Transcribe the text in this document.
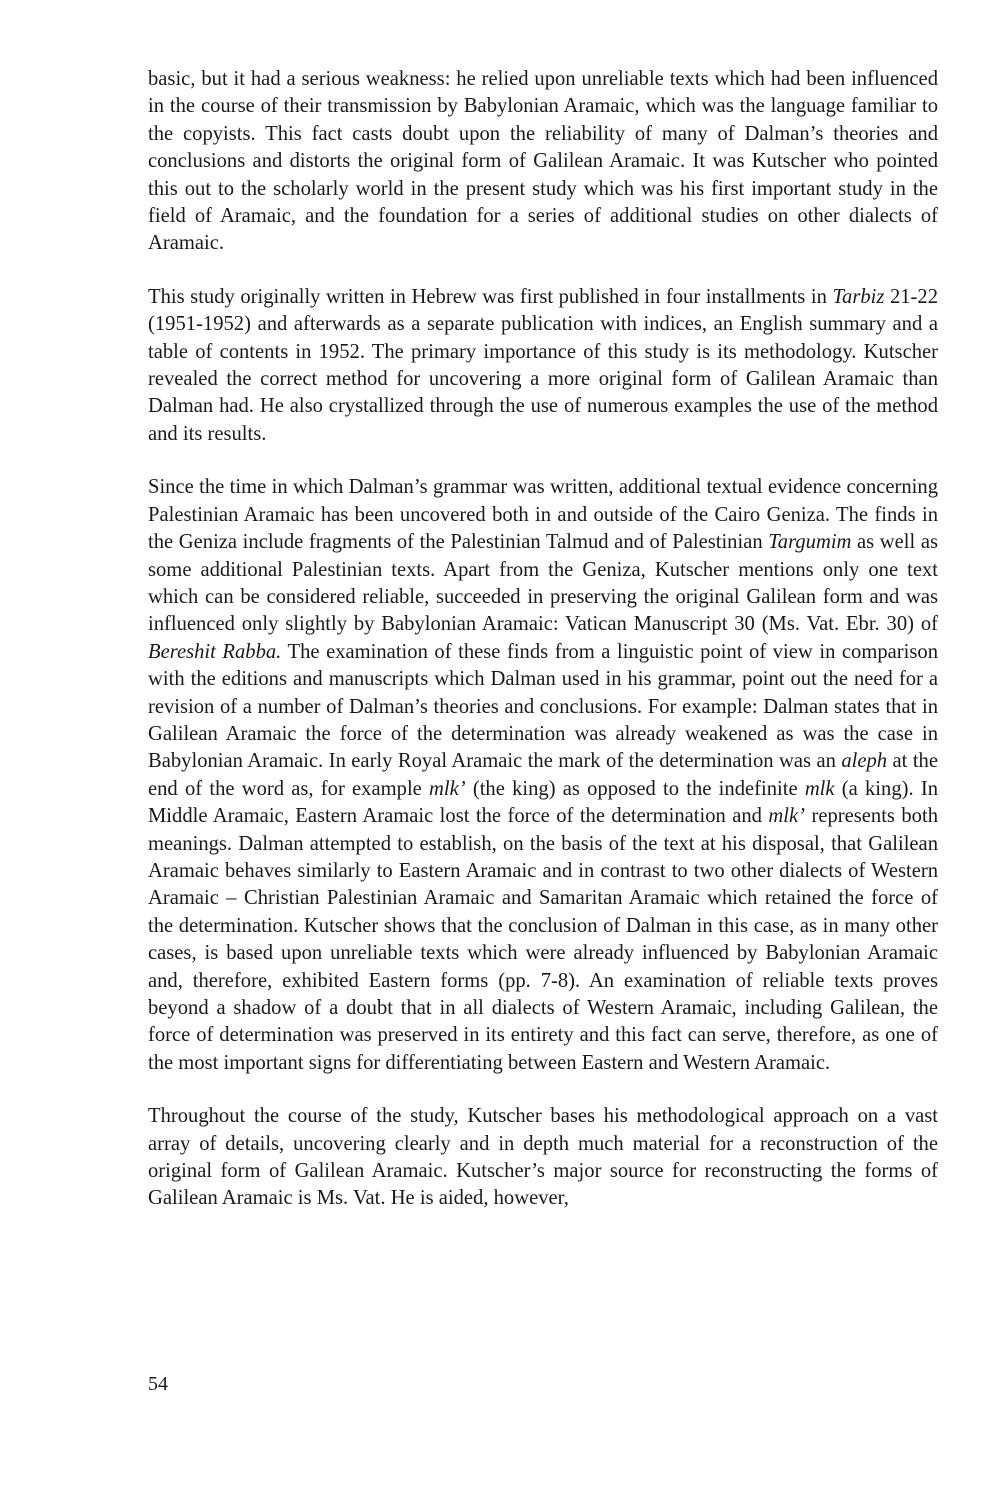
basic, but it had a serious weakness: he relied upon unreliable texts which had been influenced in the course of their transmission by Babylonian Aramaic, which was the language familiar to the copyists. This fact casts doubt upon the reliability of many of Dalman’s theories and conclusions and distorts the original form of Galilean Aramaic. It was Kutscher who pointed this out to the scholarly world in the present study which was his first important study in the field of Aramaic, and the foundation for a series of additional studies on other dialects of Aramaic.

This study originally written in Hebrew was first published in four installments in Tarbiz 21-22 (1951-1952) and afterwards as a separate publication with indices, an English summary and a table of contents in 1952. The primary importance of this study is its methodology. Kutscher revealed the correct method for uncovering a more original form of Galilean Aramaic than Dalman had. He also crystallized through the use of numerous examples the use of the method and its results.

Since the time in which Dalman’s grammar was written, additional textual evidence concerning Palestinian Aramaic has been uncovered both in and outside of the Cairo Geniza. The finds in the Geniza include fragments of the Palestinian Talmud and of Palestinian Targumim as well as some additional Palestinian texts. Apart from the Geniza, Kutscher mentions only one text which can be considered reliable, succeeded in preserving the original Galilean form and was influenced only slightly by Babylonian Aramaic: Vatican Manuscript 30 (Ms. Vat. Ebr. 30) of Bereshit Rabba. The examination of these finds from a linguistic point of view in comparison with the editions and manuscripts which Dalman used in his grammar, point out the need for a revision of a number of Dalman’s theories and conclusions. For example: Dalman states that in Galilean Aramaic the force of the determination was already weakened as was the case in Babylonian Aramaic. In early Royal Aramaic the mark of the determination was an aleph at the end of the word as, for example mlk’ (the king) as opposed to the indefinite mlk (a king). In Middle Aramaic, Eastern Aramaic lost the force of the determination and mlk’ represents both meanings. Dalman attempted to establish, on the basis of the text at his disposal, that Galilean Aramaic behaves similarly to Eastern Aramaic and in contrast to two other dialects of Western Aramaic – Christian Palestinian Aramaic and Samaritan Aramaic which retained the force of the determination. Kutscher shows that the conclusion of Dalman in this case, as in many other cases, is based upon unreliable texts which were already influenced by Babylonian Aramaic and, therefore, exhibited Eastern forms (pp. 7-8). An examination of reliable texts proves beyond a shadow of a doubt that in all dialects of Western Aramaic, including Galilean, the force of determination was preserved in its entirety and this fact can serve, therefore, as one of the most important signs for differentiating between Eastern and Western Aramaic.

Throughout the course of the study, Kutscher bases his methodological approach on a vast array of details, uncovering clearly and in depth much material for a reconstruction of the original form of Galilean Aramaic. Kutscher’s major source for reconstructing the forms of Galilean Aramaic is Ms. Vat. He is aided, however,

54
